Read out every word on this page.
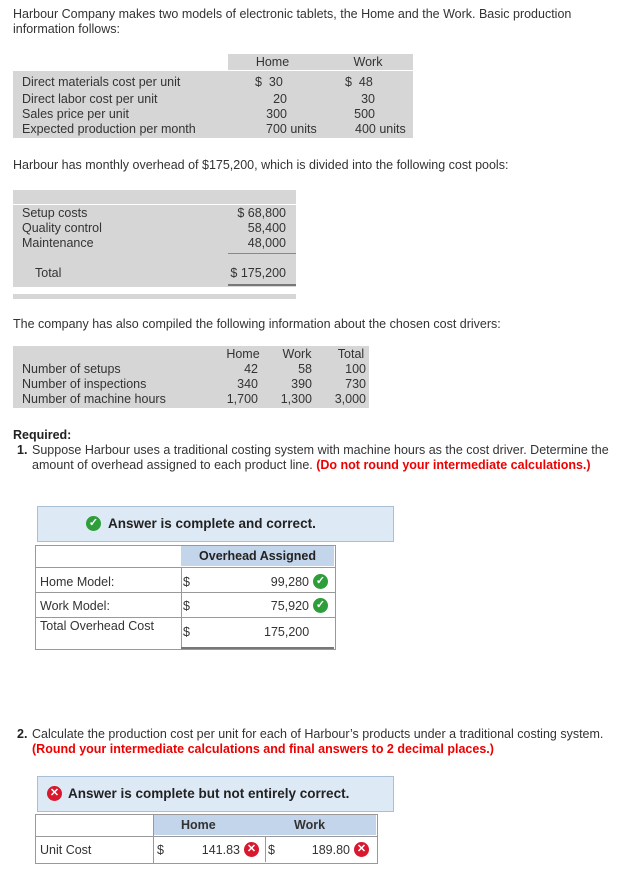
Harbour Company makes two models of electronic tablets, the Home and the Work. Basic production information follows:
Home	Work
Direct materials cost per unit	$  30	$  48
Direct labor cost per unit	20	30
Sales price per unit	300	500
Expected production per month	700 units	400 units
Harbour has monthly overhead of $175,200, which is divided into the following cost pools:
Setup costs	$ 68,800
Quality control	58,400
Maintenance	48,000
Total	$ 175,200
The company has also compiled the following information about the chosen cost drivers:
Home	Work	Total
Number of setups	42	58	100
Number of inspections	340	390	730
Number of machine hours	1,700	1,300	3,000
Required:
1. Suppose Harbour uses a traditional costing system with machine hours as the cost driver. Determine the amount of overhead assigned to each product line. (Do not round your intermediate calculations.)
✓ Answer is complete and correct.
Overhead Assigned
Home Model:	$	99,280 ✓
Work Model:	$	75,920 ✓
Total Overhead Cost	$	175,200
2. Calculate the production cost per unit for each of Harbour’s products under a traditional costing system. (Round your intermediate calculations and final answers to 2 decimal places.)
✕ Answer is complete but not entirely correct.
Home	Work
Unit Cost	$	141.83 ✕ $	189.80 ✕
